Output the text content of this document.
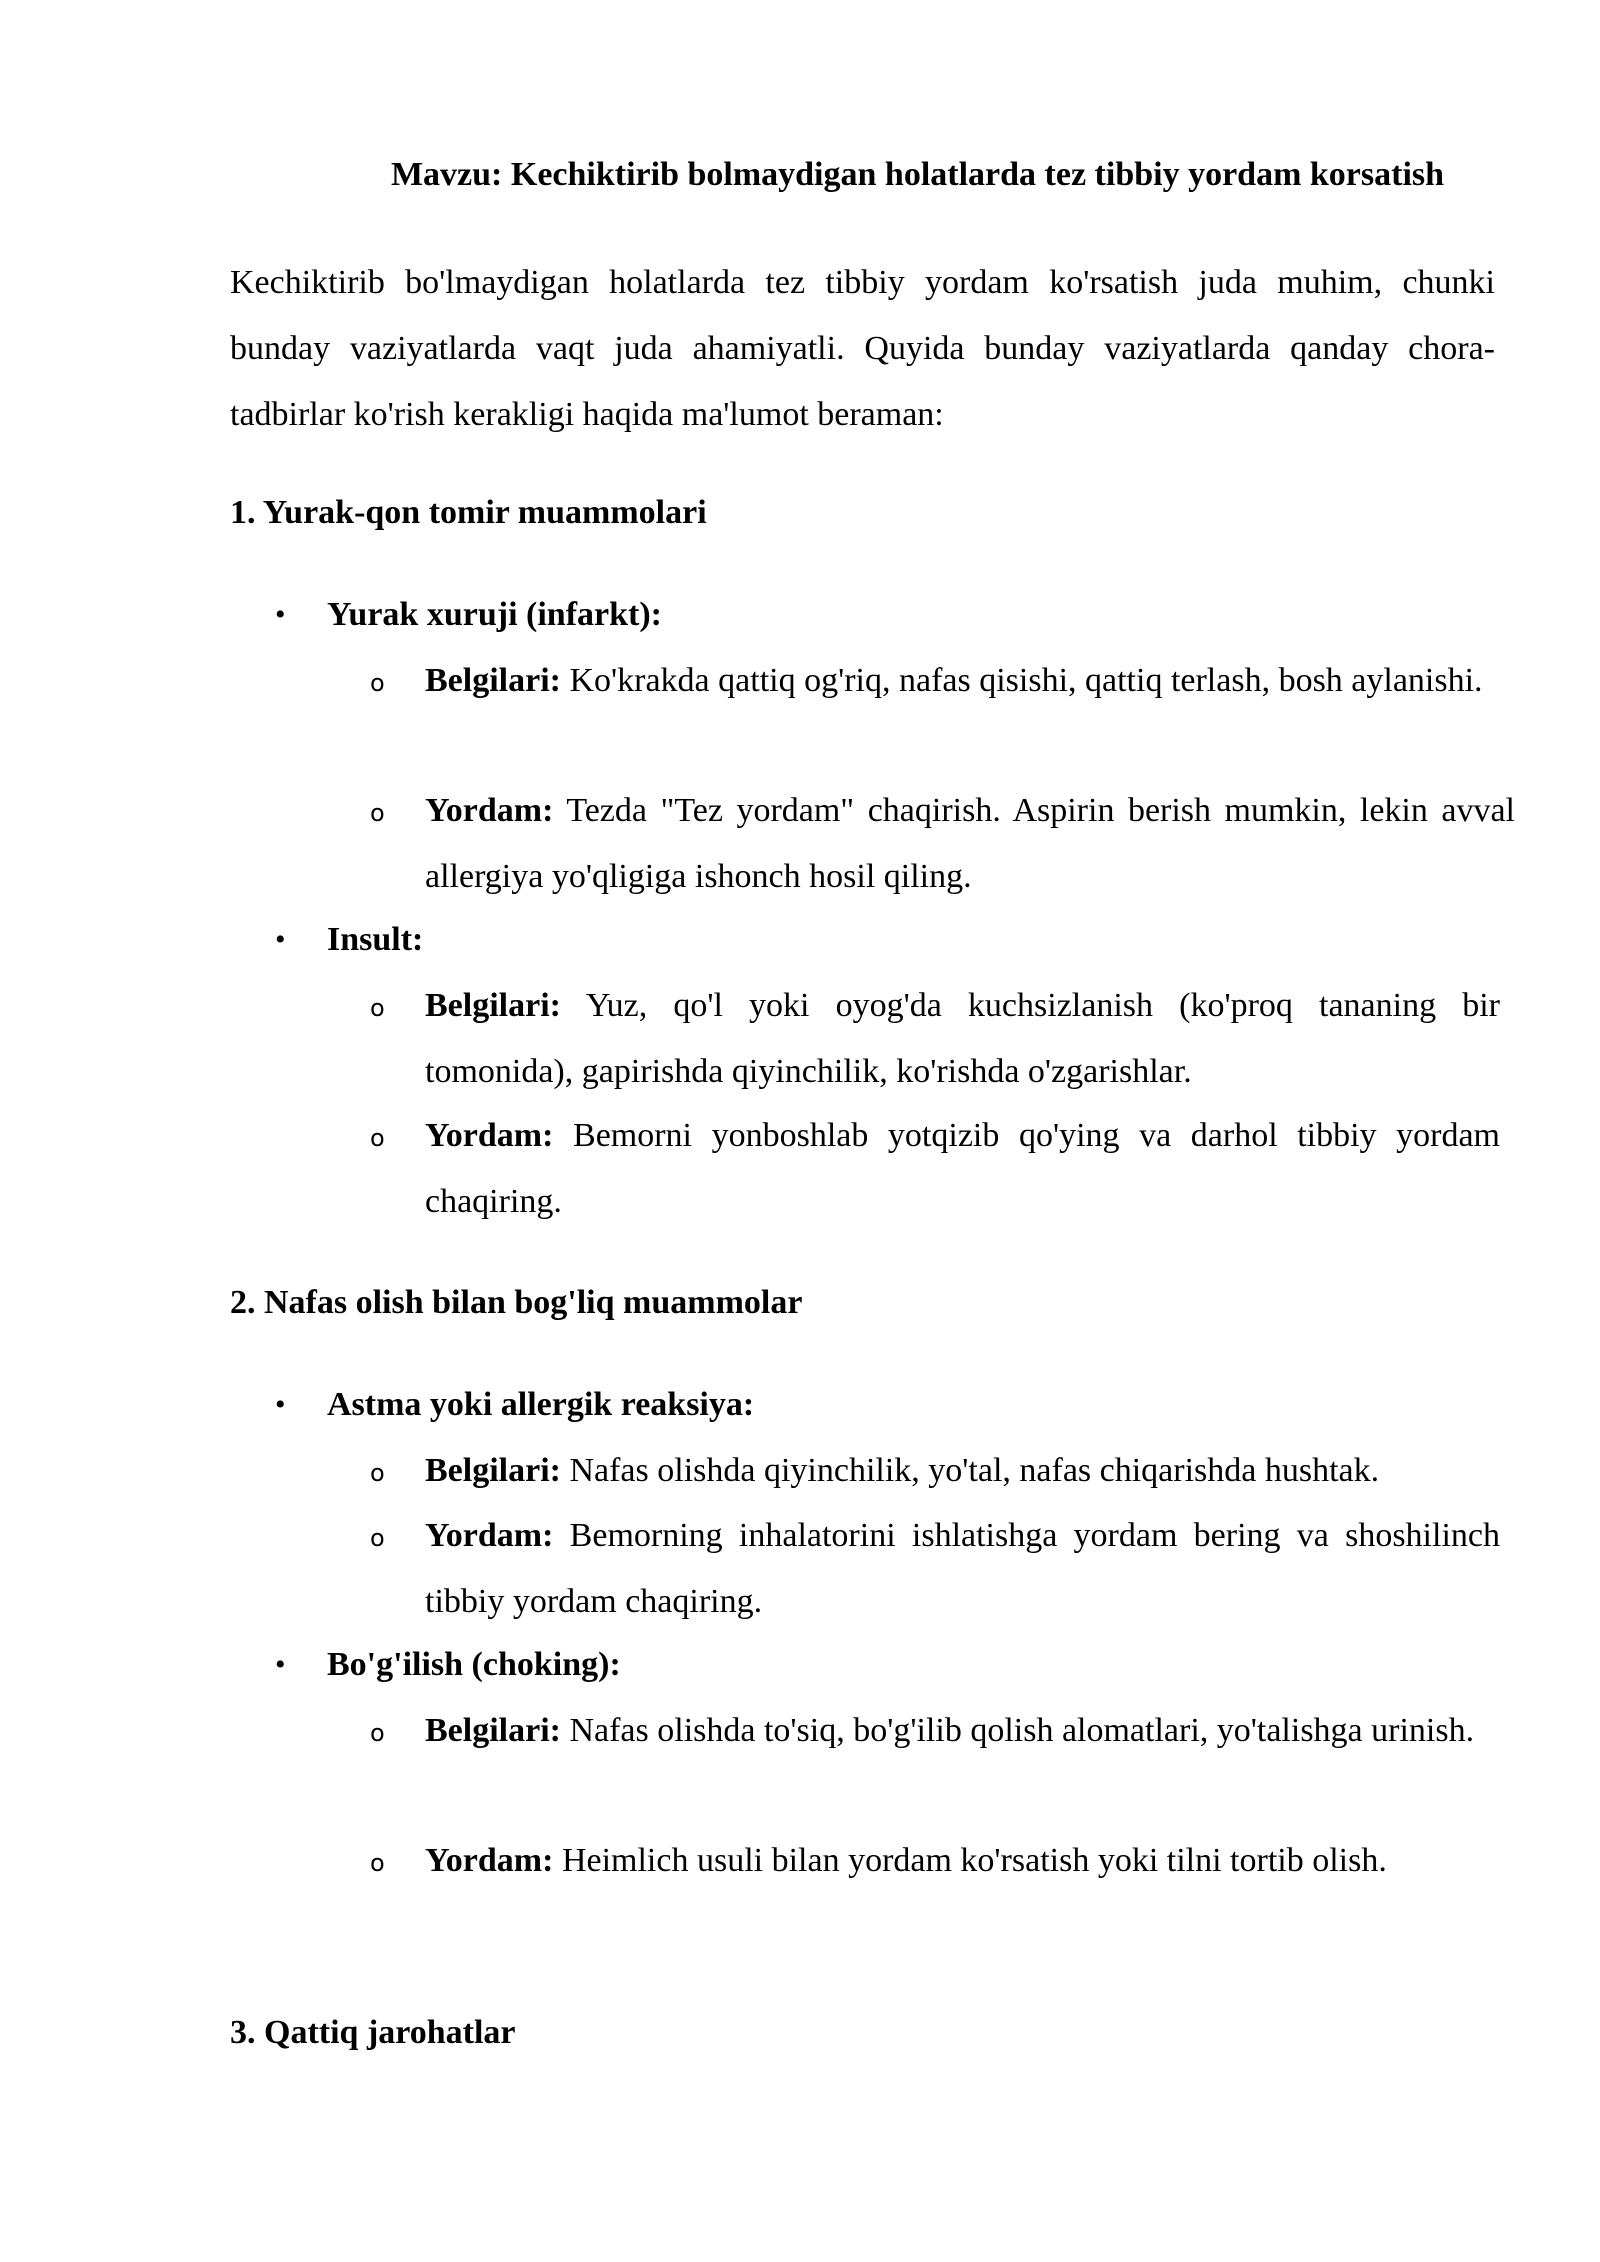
Mavzu: Kechiktirib bolmaydigan holatlarda tez tibbiy yordam korsatish

Kechiktirib bo'lmaydigan holatlarda tez tibbiy yordam ko'rsatish juda muhim, chunki bunday vaziyatlarda vaqt juda ahamiyatli. Quyida bunday vaziyatlarda qanday chora-tadbirlar ko'rish kerakligi haqida ma'lumot beraman:

1. Yurak-qon tomir muammolari
• Yurak xuruji (infarkt):
o Belgilari: Ko'krakda qattiq og'riq, nafas qisishi, qattiq terlash, bosh aylanishi.
o Yordam: Tezda "Tez yordam" chaqirish. Aspirin berish mumkin, lekin avval allergiya yo'qligiga ishonch hosil qiling.
• Insult:
o Belgilari: Yuz, qo'l yoki oyog'da kuchsizlanish (ko'proq tananing bir tomonida), gapirishda qiyinchilik, ko'rishda o'zgarishlar.
o Yordam: Bemorni yonboshlab yotqizib qo'ying va darhol tibbiy yordam chaqiring.
2. Nafas olish bilan bog'liq muammolar
• Astma yoki allergik reaksiya:
o Belgilari: Nafas olishda qiyinchilik, yo'tal, nafas chiqarishda hushtak.
o Yordam: Bemorning inhalatorini ishlatishga yordam bering va shoshilinch tibbiy yordam chaqiring.
• Bo'g'ilish (choking):
o Belgilari: Nafas olishda to'siq, bo'g'ilib qolish alomatlari, yo'talishga urinish.
o Yordam: Heimlich usuli bilan yordam ko'rsatish yoki tilni tortib olish.
3. Qattiq jarohatlar
